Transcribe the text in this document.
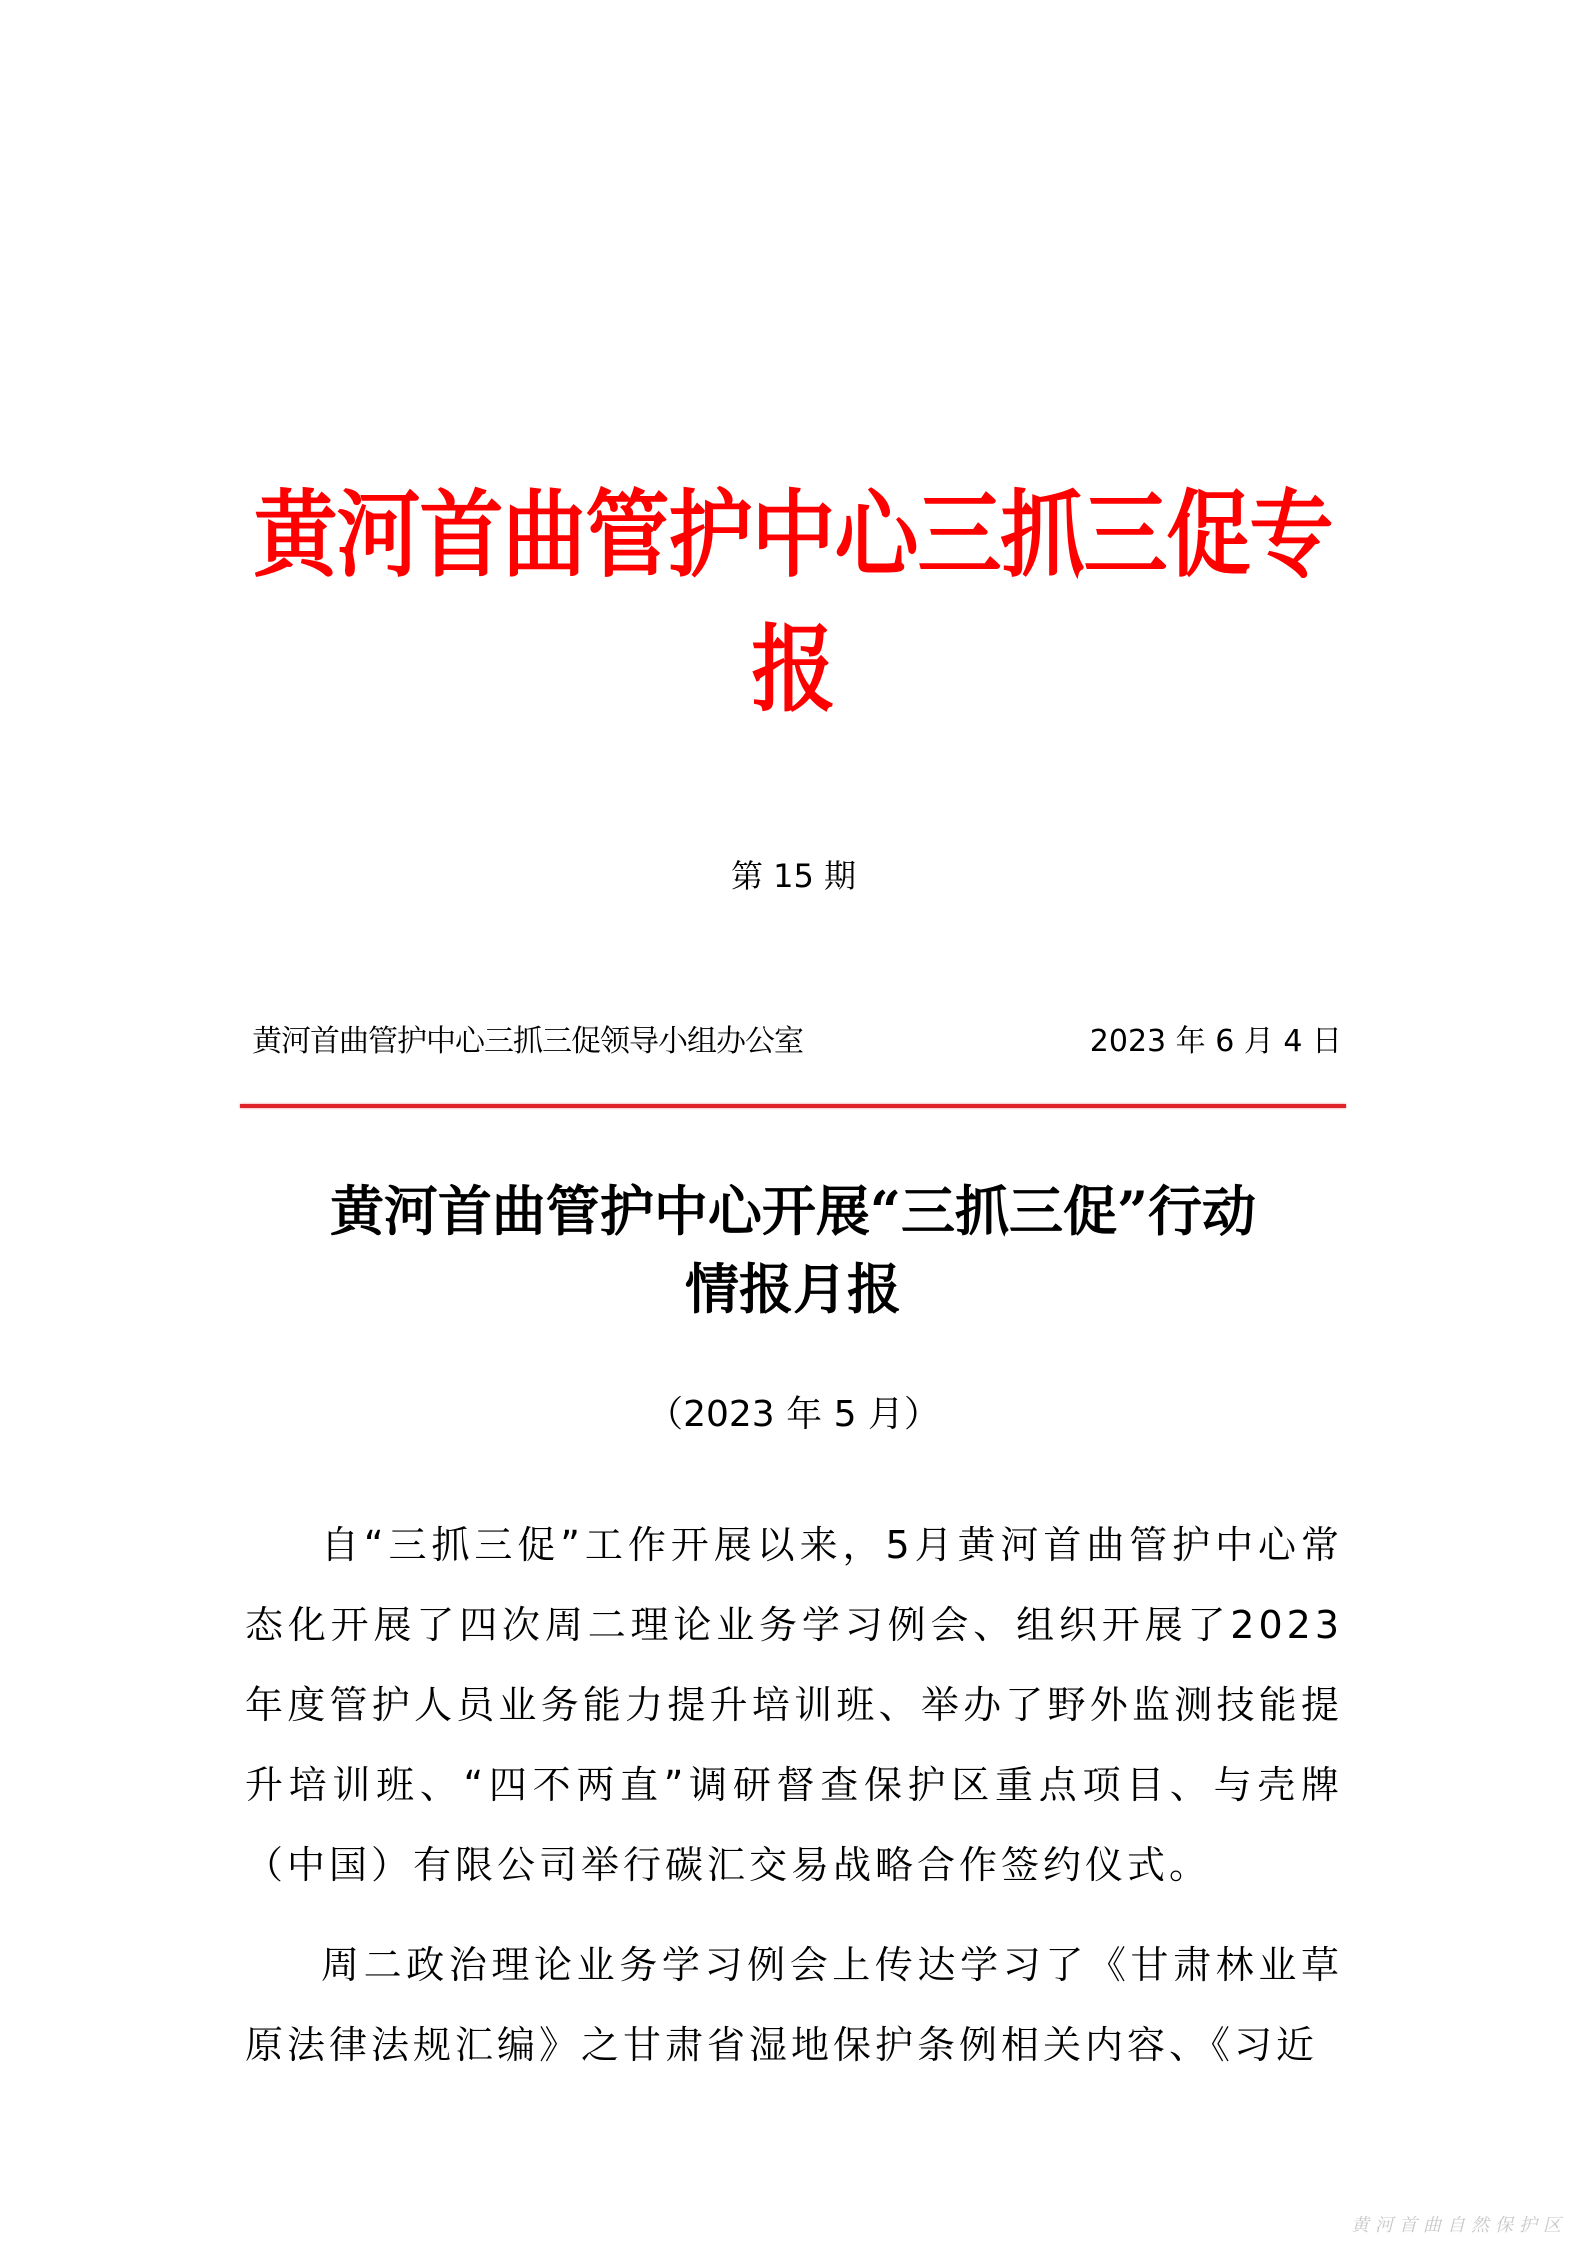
黄河首曲管护中心三抓三促专报
第 15 期
黄河首曲管护中心三抓三促领导小组办公室	2023 年 6 月 4 日
黄河首曲管护中心开展“三抓三促”行动
情报月报
（2023 年 5 月）

自“三抓三促”工作开展以来，5月黄河首曲管护中心常态化开展了四次周二理论业务学习例会、组织开展了2023年度管护人员业务能力提升培训班、举办了野外监测技能提升培训班、“四不两直”调研督查保护区重点项目、与壳牌（中国）有限公司举行碳汇交易战略合作签约仪式。

周二政治理论业务学习例会上传达学习了《甘肃林业草原法律法规汇编》之甘肃省湿地保护条例相关内容、《习近

黄河首曲自然保护区
